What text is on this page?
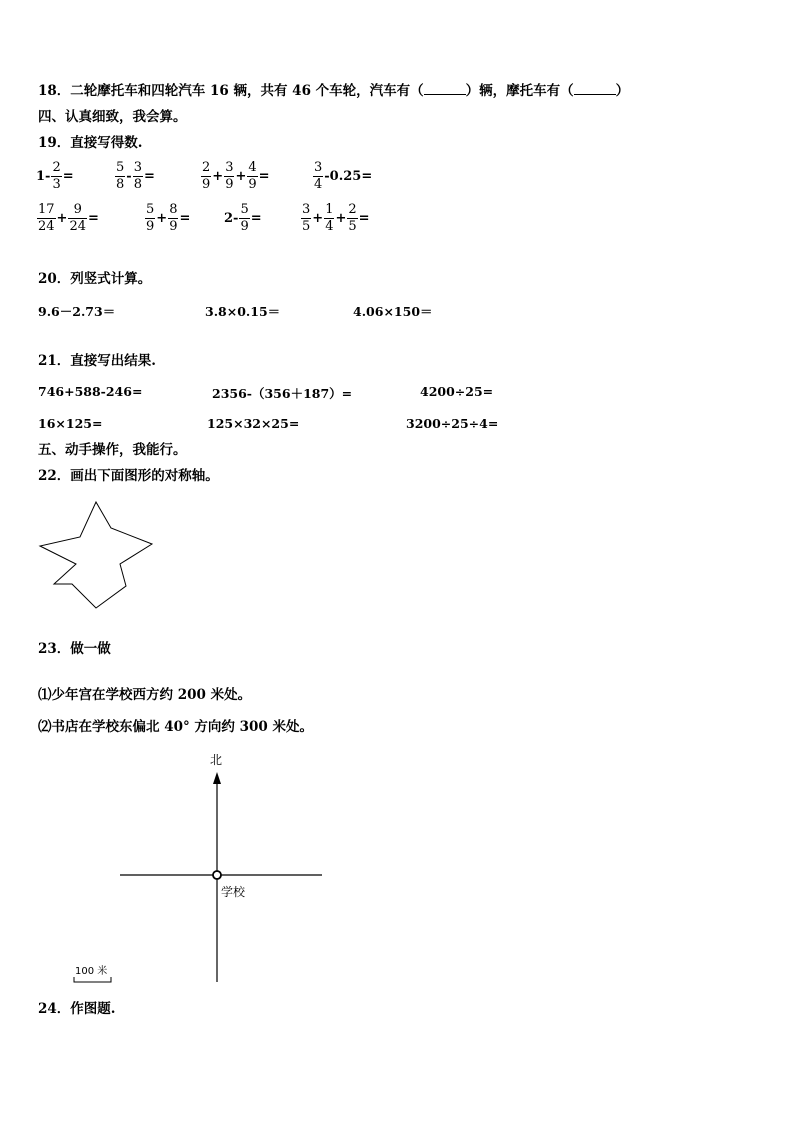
18．二轮摩托车和四轮汽车 16 辆，共有 46 个车轮，汽车有（	）辆，摩托车有（	）
四、认真细致，我会算。
19．直接写得数.
$1- \frac{2}{3}$ =	$\frac{5}{8} - \frac{3}{8}$ =	$\frac{2}{9} + \frac{3}{9} + \frac{4}{9}$ =	$\frac{3}{4} -0.25=$
$\frac{17}{24} + \frac{9}{24}$ =	$\frac{5}{9} + \frac{8}{9}$ =	$2- \frac{5}{9}$ =	$\frac{3}{5} + \frac{1}{4} + \frac{2}{5}$ =
20．列竖式计算。
9.6－2.73＝	3.8×0.15＝	4.06×150＝
21．直接写出结果.
746+588-246=	2356-（356＋187）=	4200÷25=
16×125=	125×32×25=	3200÷25÷4=
五、动手操作，我能行。
22．画出下面图形的对称轴。
23．做一做
⑴少年宫在学校西方约 200 米处。
⑵书店在学校东偏北 40° 方向约 300 米处。
北
学校
100 米
24．作图题.
